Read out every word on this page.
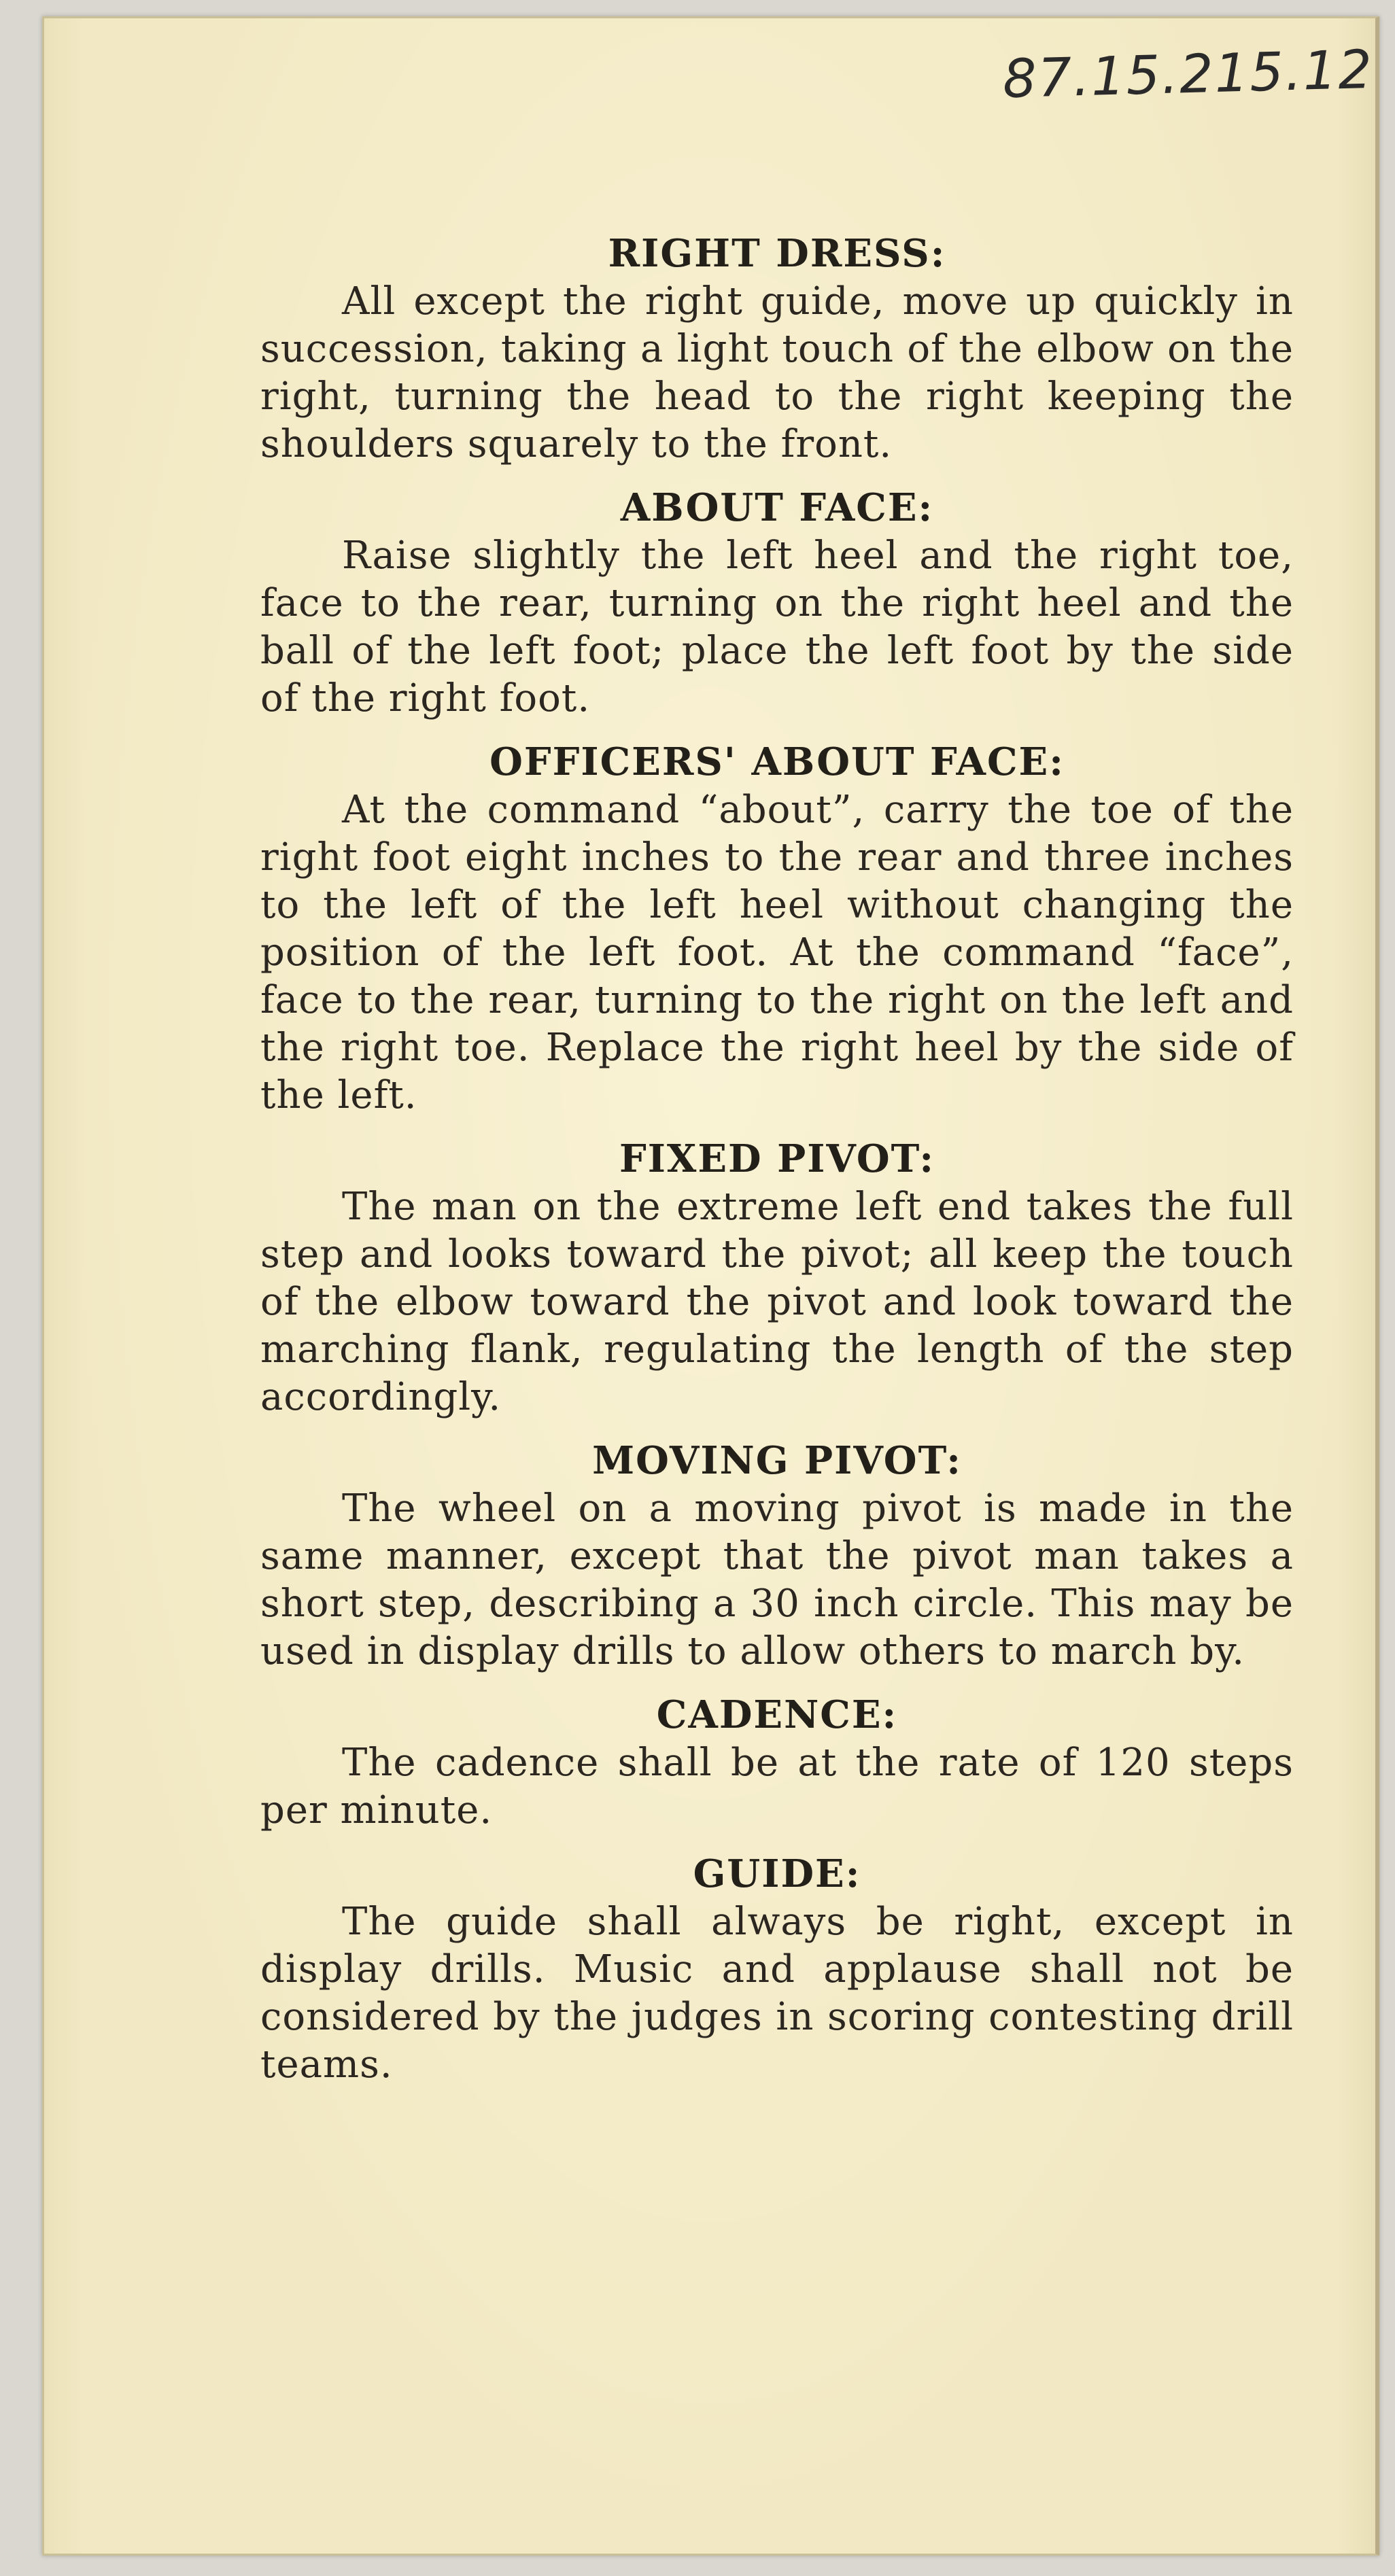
87.15.215.12
RIGHT DRESS:

All except the right guide, move up quickly in succession, taking a light touch of the elbow on the right, turning the head to the right keeping the shoulders squarely to the front.

ABOUT FACE:

Raise slightly the left heel and the right toe, face to the rear, turning on the right heel and the ball of the left foot; place the left foot by the side of the right foot.

OFFICERS' ABOUT FACE:

At the command “about”, carry the toe of the right foot eight inches to the rear and three inches to the left of the left heel without changing the position of the left foot. At the command “face”, face to the rear, turning to the right on the left and the right toe. Replace the right heel by the side of the left.

FIXED PIVOT:

The man on the extreme left end takes the full step and looks toward the pivot; all keep the touch of the elbow toward the pivot and look toward the marching flank, regulating the length of the step accordingly.

MOVING PIVOT:

The wheel on a moving pivot is made in the same manner, except that the pivot man takes a short step, describing a 30 inch circle. This may be used in display drills to allow others to march by.

CADENCE:

The cadence shall be at the rate of 120 steps per minute.

GUIDE:

The guide shall always be right, except in display drills. Music and applause shall not be considered by the judges in scoring contesting drill teams.
